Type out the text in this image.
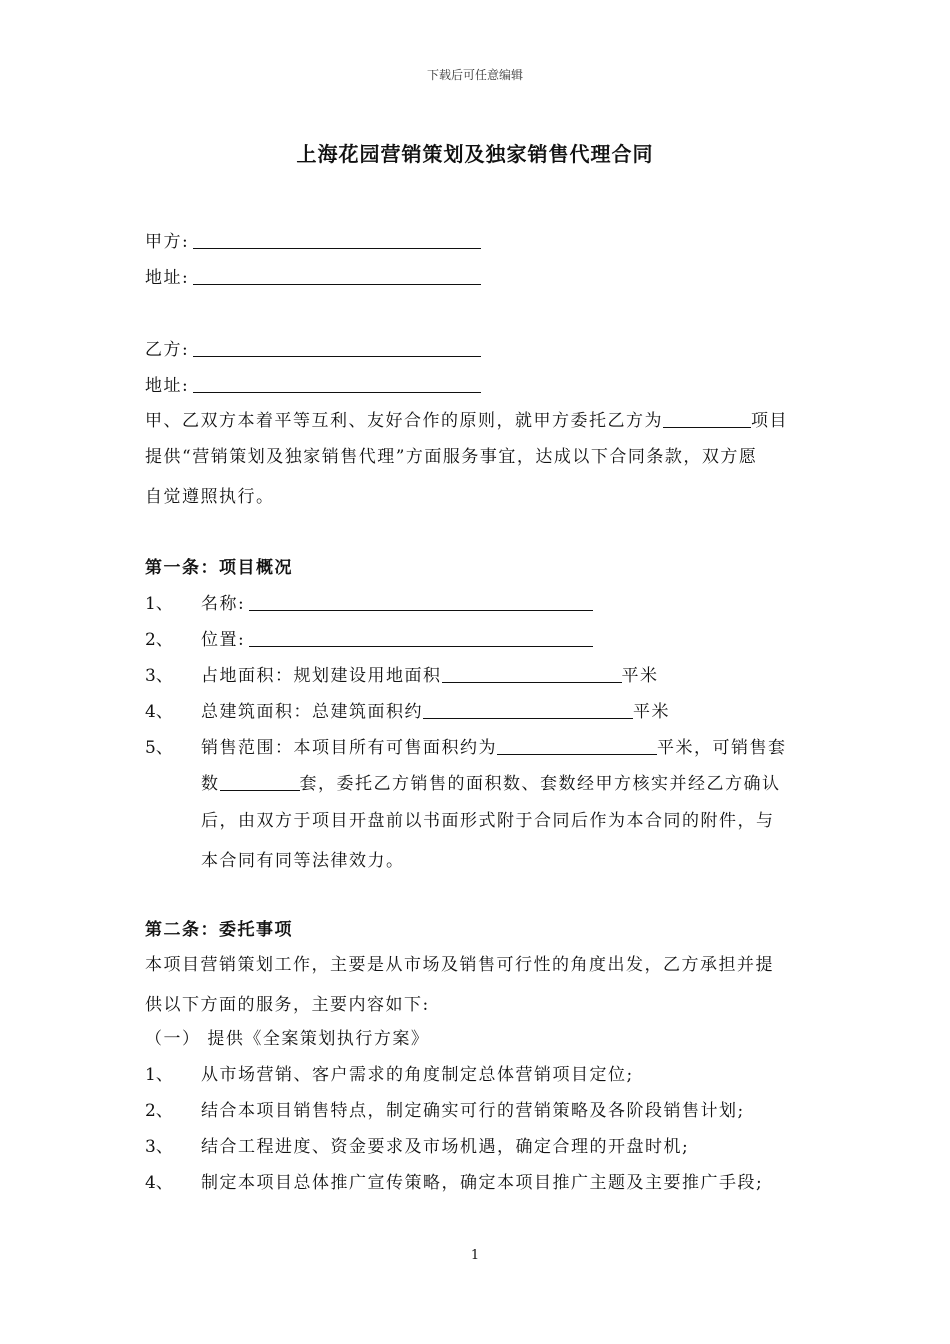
下载后可任意编辑
上海花园营销策划及独家销售代理合同
甲方:
地址:
乙方:
地址:
甲、乙双方本着平等互利、友好合作的原则，就甲方委托乙方为	项目
提供“营销策划及独家销售代理”方面服务事宜，达成以下合同条款，双方愿
自觉遵照执行。
第一条：项目概况
1、 名称:
2、 位置:
3、 占地面积：规划建设用地面积	平米
4、 总建筑面积：总建筑面积约	平米
5、 销售范围：本项目所有可售面积约为	平米，可销售套
数	套，委托乙方销售的面积数、套数经甲方核实并经乙方确认
后，由双方于项目开盘前以书面形式附于合同后作为本合同的附件，与
本合同有同等法律效力。
第二条：委托事项
本项目营销策划工作，主要是从市场及销售可行性的角度出发，乙方承担并提
供以下方面的服务，主要内容如下:
（一） 提供《全案策划执行方案》
1、 从市场营销、客户需求的角度制定总体营销项目定位;
2、 结合本项目销售特点，制定确实可行的营销策略及各阶段销售计划;
3、 结合工程进度、资金要求及市场机遇，确定合理的开盘时机;
4、 制定本项目总体推广宣传策略，确定本项目推广主题及主要推广手段;
1
